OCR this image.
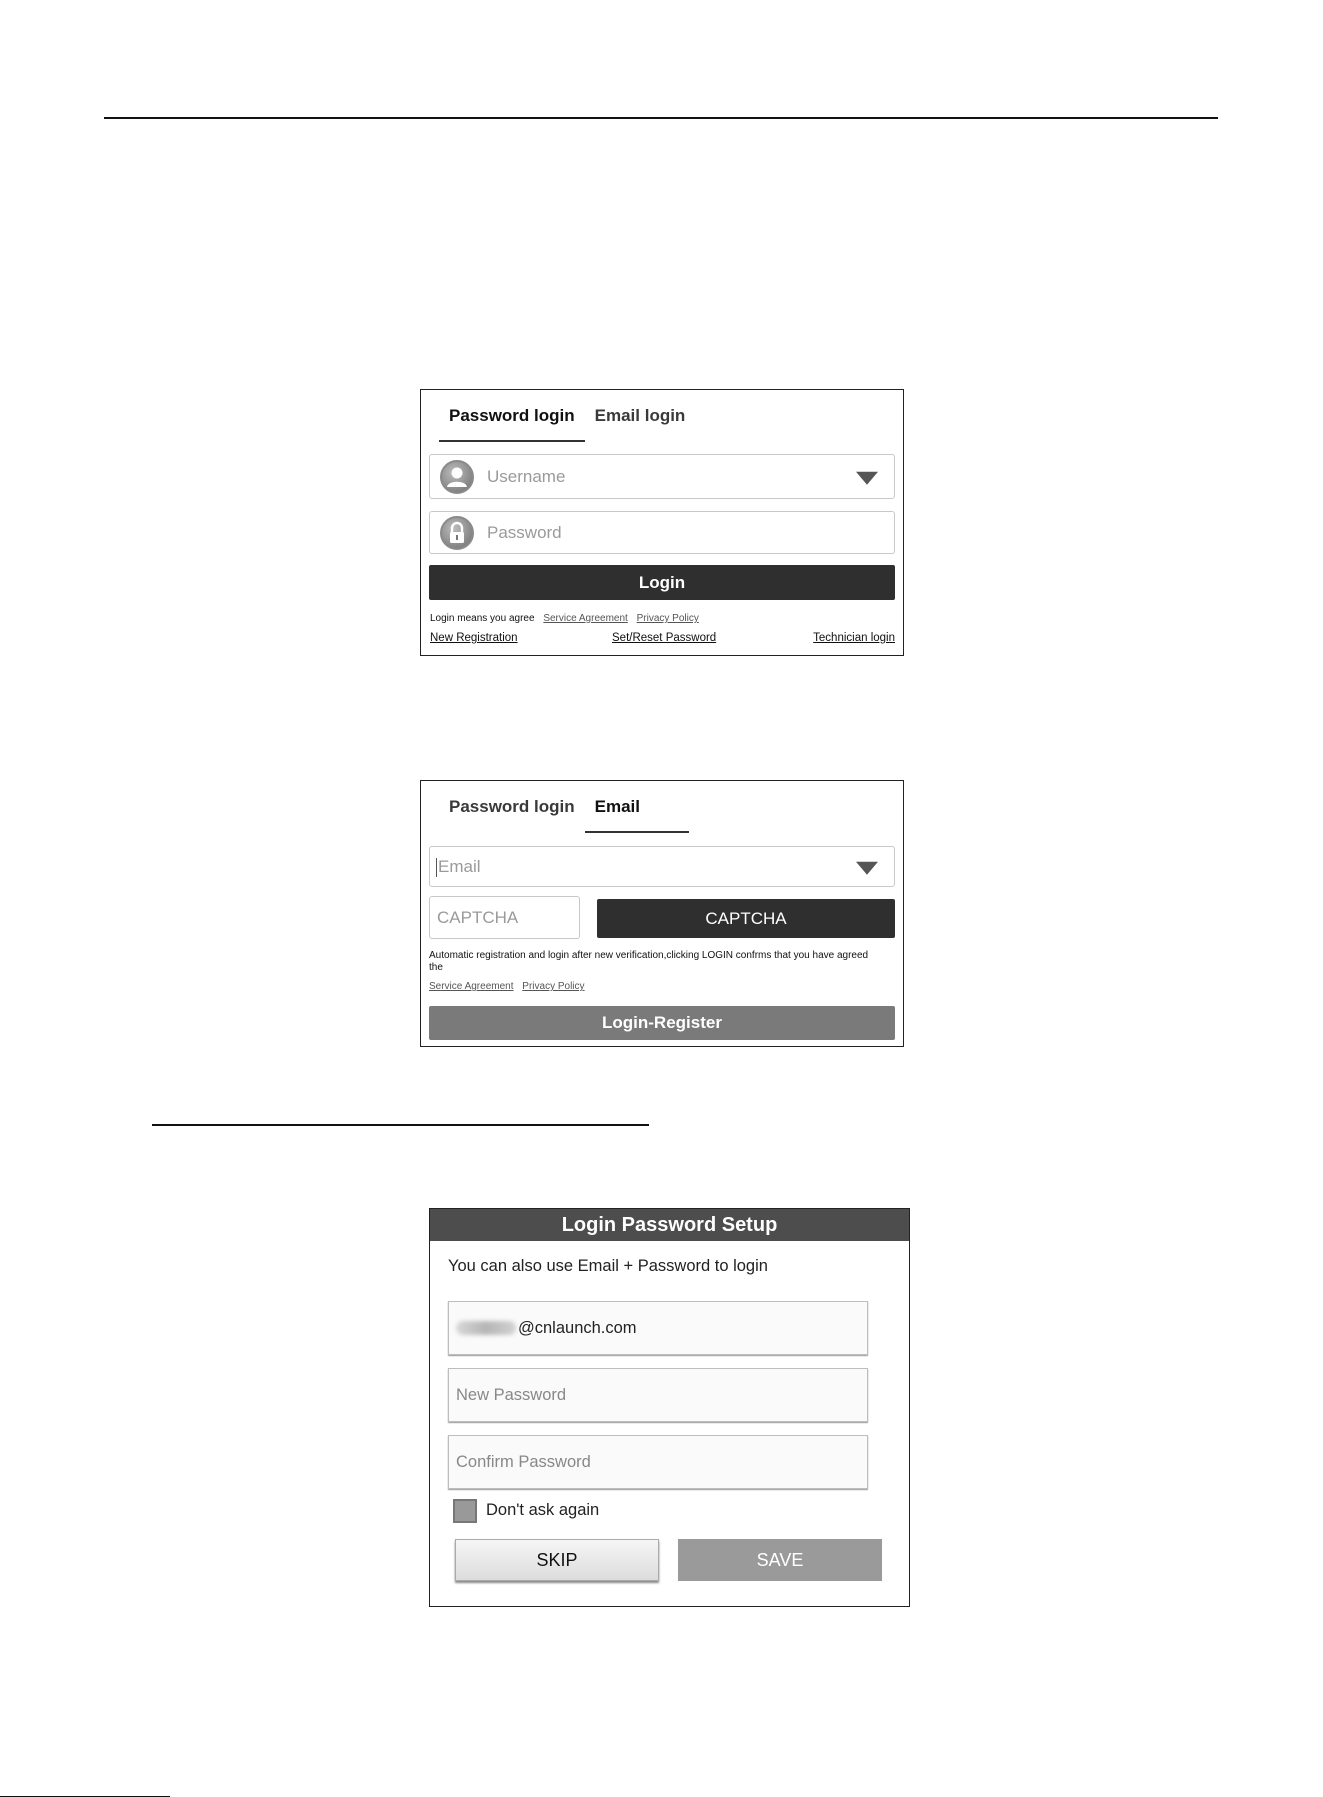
Password login	Email login
Username
Password
Login
Login means you agree Service Agreement Privacy Policy
New Registration	Set/Reset Password	Technician login
Password login	Email
Email
CAPTCHA	CAPTCHA
Automatic registration and login after new verification,clicking LOGIN confrms that you have agreed the
Service Agreement Privacy Policy
Login-Register
Login Password Setup
You can also use Email + Password to login
@cnlaunch.com
New Password
Confirm Password
Don't ask again
SKIP	SAVE
